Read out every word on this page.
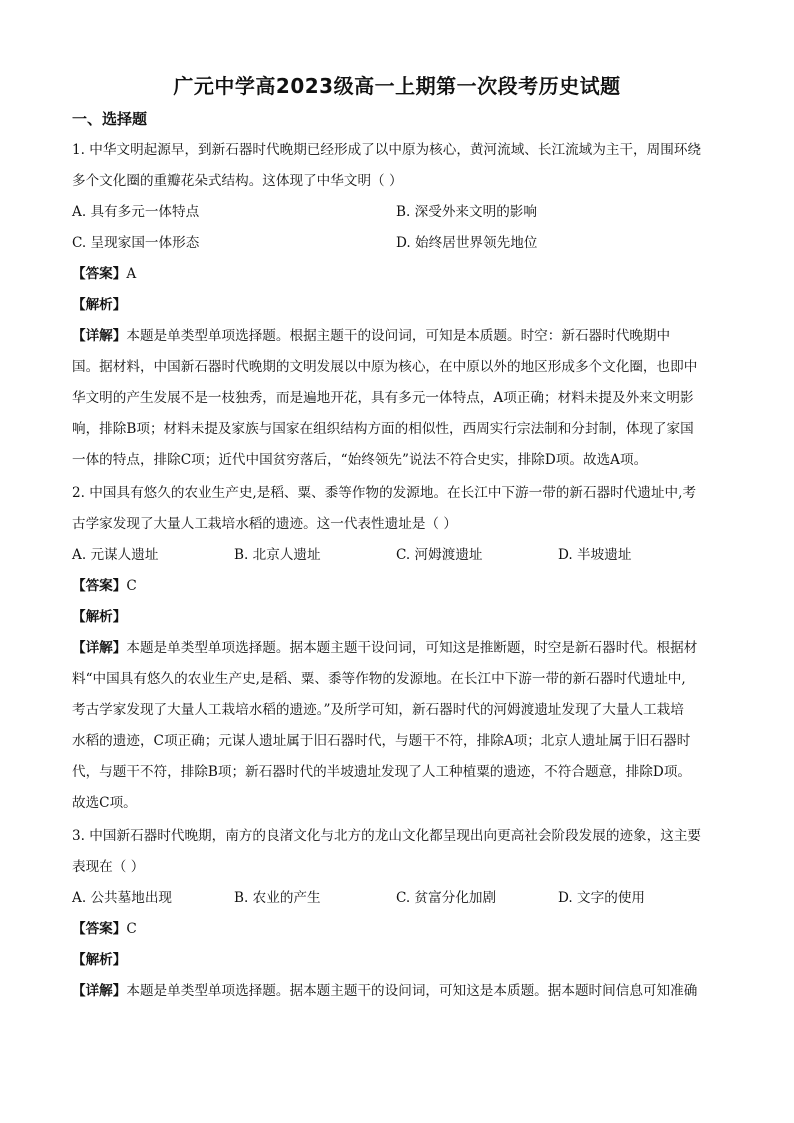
广元中学高2023级高一上期第一次段考历史试题
一、选择题
1. 中华文明起源早，到新石器时代晚期已经形成了以中原为核心，黄河流域、长江流域为主干，周围环绕
多个文化圈的重瓣花朵式结构。这体现了中华文明（ ）
A. 具有多元一体特点	B. 深受外来文明的影响
C. 呈现家国一体形态	D. 始终居世界领先地位
【答案】A
【解析】
【详解】本题是单类型单项选择题。根据主题干的设问词，可知是本质题。时空：新石器时代晚期中
国。据材料，中国新石器时代晚期的文明发展以中原为核心，在中原以外的地区形成多个文化圈，也即中
华文明的产生发展不是一枝独秀，而是遍地开花，具有多元一体特点，A项正确；材料未提及外来文明影
响，排除B项；材料未提及家族与国家在组织结构方面的相似性，西周实行宗法制和分封制，体现了家国
一体的特点，排除C项；近代中国贫穷落后，“始终领先”说法不符合史实，排除D项。故选A项。
2. 中国具有悠久的农业生产史,是稻、粟、黍等作物的发源地。在长江中下游一带的新石器时代遗址中,考
古学家发现了大量人工栽培水稻的遗迹。这一代表性遗址是（ ）
A. 元谋人遗址	B. 北京人遗址	C. 河姆渡遗址	D. 半坡遗址
【答案】C
【解析】
【详解】本题是单类型单项选择题。据本题主题干设问词，可知这是推断题，时空是新石器时代。根据材
料“中国具有悠久的农业生产史,是稻、粟、黍等作物的发源地。在长江中下游一带的新石器时代遗址中,
考古学家发现了大量人工栽培水稻的遗迹。”及所学可知，新石器时代的河姆渡遗址发现了大量人工栽培
水稻的遗迹，C项正确；元谋人遗址属于旧石器时代，与题干不符，排除A项；北京人遗址属于旧石器时
代，与题干不符，排除B项；新石器时代的半坡遗址发现了人工种植粟的遗迹，不符合题意，排除D项。
故选C项。
3. 中国新石器时代晚期，南方的良渚文化与北方的龙山文化都呈现出向更高社会阶段发展的迹象，这主要
表现在（ ）
A. 公共墓地出现	B. 农业的产生	C. 贫富分化加剧	D. 文字的使用
【答案】C
【解析】
【详解】本题是单类型单项选择题。据本题主题干的设问词，可知这是本质题。据本题时间信息可知准确
